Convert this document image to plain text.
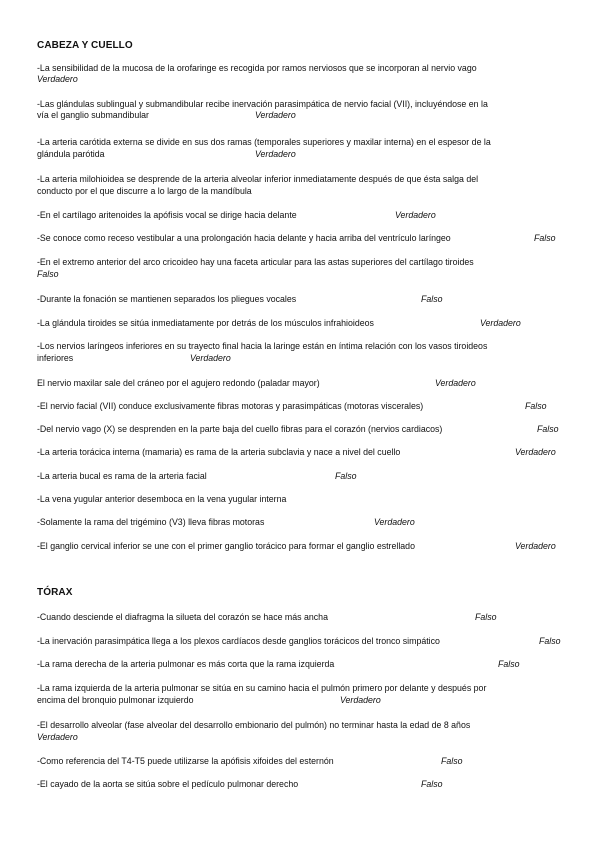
CABEZA Y CUELLO
-La sensibilidad de la mucosa de la orofaringe es recogida por ramos nerviosos que se incorporan al nervio vago
Verdadero
-Las glándulas sublingual y submandibular recibe inervación parasimpática de nervio facial (VII), incluyéndose en la
vía el ganglio submandibular	Verdadero
-La arteria carótida externa se divide en sus dos ramas (temporales superiores y maxilar interna) en el espesor de la
glándula parótida	Verdadero
-La arteria milohioidea se desprende de la arteria alveolar inferior inmediatamente después de que ésta salga del
conducto por el que discurre a lo largo de la mandíbula
-En el cartílago aritenoides la apófisis vocal se dirige hacia delante	Verdadero
-Se conoce como receso vestibular a una prolongación hacia delante y hacia arriba del ventrículo laríngeo	Falso
-En el extremo anterior del arco cricoideo hay una faceta articular para las astas superiores del cartílago tiroides
Falso
-Durante la fonación se mantienen separados los pliegues vocales	Falso
-La glándula tiroides se sitúa inmediatamente por detrás de los músculos infrahioideos	Verdadero
-Los nervios laríngeos inferiores en su trayecto final hacia la laringe están en íntima relación con los vasos tiroideos
inferiores	Verdadero
El nervio maxilar sale del cráneo por el agujero redondo (paladar mayor)	Verdadero
-El nervio facial (VII) conduce exclusivamente fibras motoras y parasimpáticas (motoras viscerales)	Falso
-Del nervio vago (X) se desprenden en la parte baja del cuello fibras para el corazón (nervios cardiacos)	Falso
-La arteria torácica interna (mamaria) es rama de la arteria subclavia y nace a nivel del cuello	Verdadero
-La arteria bucal es rama de la arteria facial	Falso
-La vena yugular anterior desemboca en la vena yugular interna
-Solamente la rama del trigémino (V3) lleva fibras motoras	Verdadero
-El ganglio cervical inferior se une con el primer ganglio torácico para formar el ganglio estrellado	Verdadero
TÓRAX
-Cuando desciende el diafragma la silueta del corazón se hace más ancha	Falso
-La inervación parasimpática llega a los plexos cardíacos desde ganglios torácicos del tronco simpático	Falso
-La rama derecha de la arteria pulmonar es más corta que la rama izquierda	Falso
-La rama izquierda de la arteria pulmonar se sitúa en su camino hacia el pulmón primero por delante y después por
encima del bronquio pulmonar izquierdo	Verdadero
-El desarrollo alveolar (fase alveolar del desarrollo embionario del pulmón) no terminar hasta la edad de 8 años
Verdadero
-Como referencia del T4-T5 puede utilizarse la apófisis xifoides del esternón	Falso
-El cayado de la aorta se sitúa sobre el pedículo pulmonar derecho	Falso
